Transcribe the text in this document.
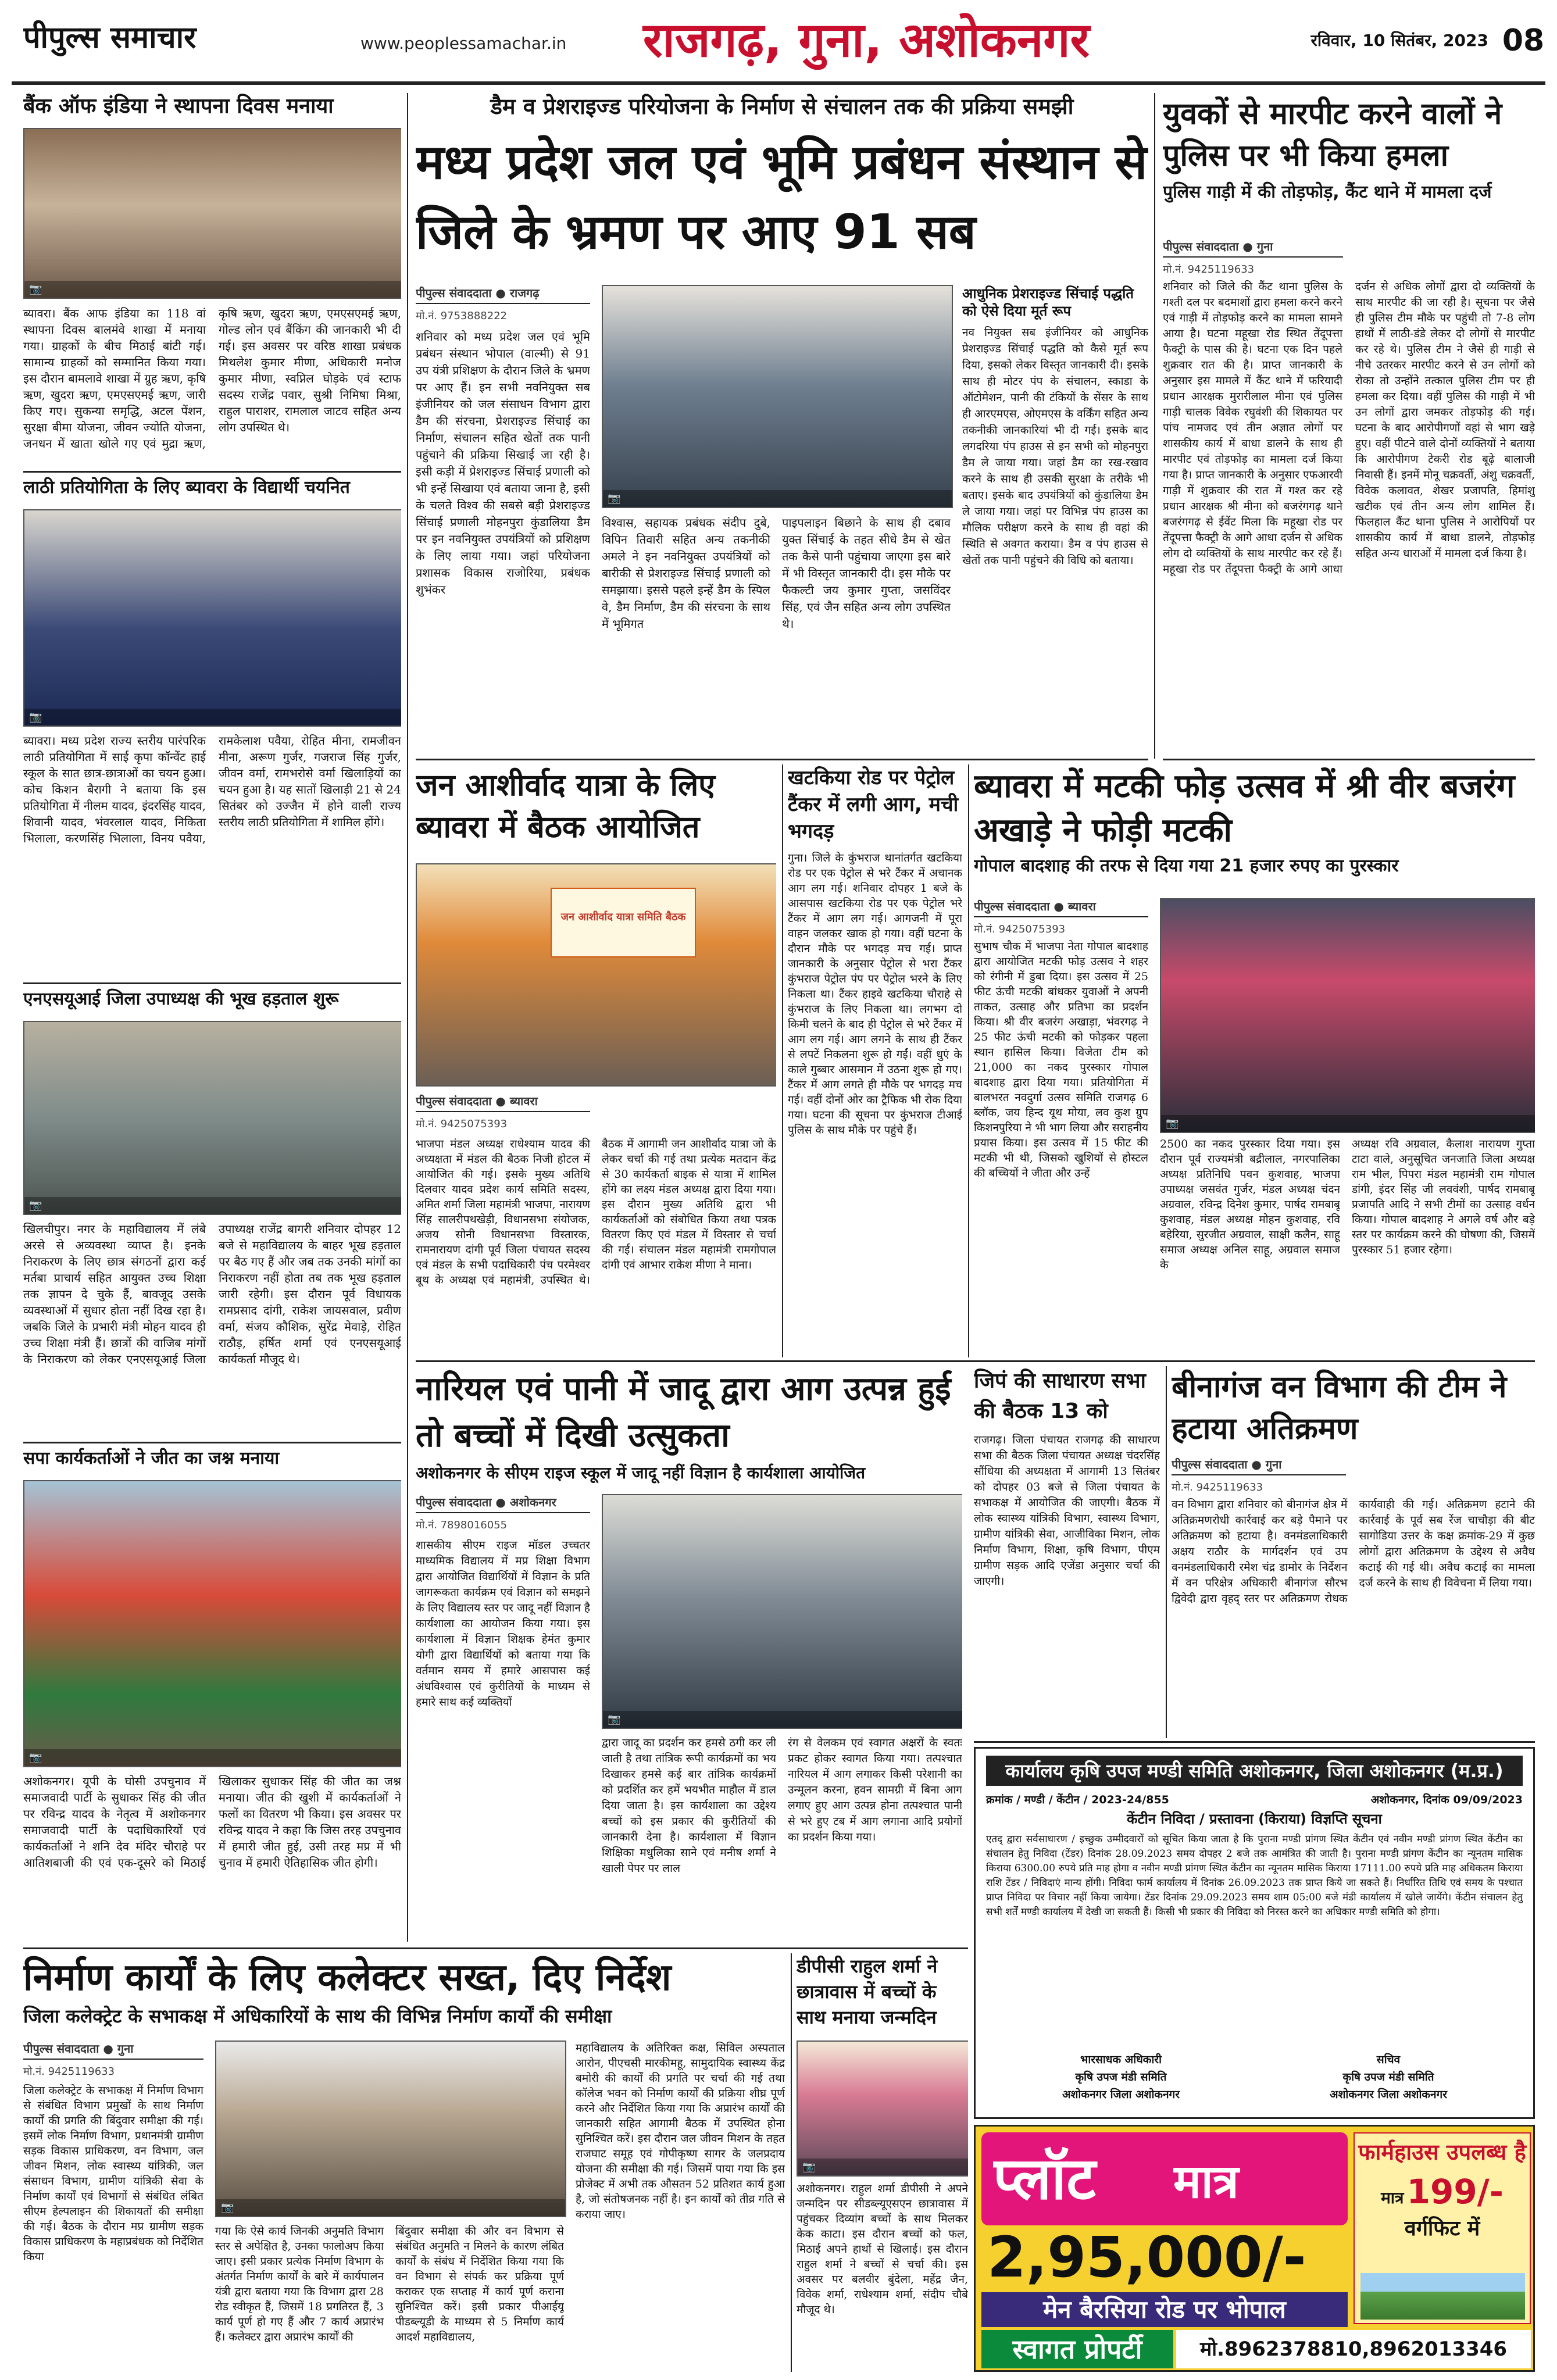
पीपुल्स समाचार	www.peoplessamachar.in	राजगढ़, गुना, अशोकनगर	रविवार, 10 सितंबर, 2023 08
बैंक ऑफ इंडिया ने स्थापना दिवस मनाया
📷
ब्यावरा। बैंक आफ इंडिया का 118 वां स्थापना दिवस बालमंवे शाखा में मनाया गया। ग्राहकों के बीच मिठाई बांटी गई। सामान्य ग्राहकों को सम्मानित किया गया। इस दौरान बामलावे शाखा में ग्रुह ऋण, कृषि ऋण, खुदरा ऋण, एमएसएमई ऋण, जारी किए गए। सुकन्या समृद्धि, अटल पेंशन, सुरक्षा बीमा योजना, जीवन ज्योति योजना, जनधन में खाता खोले गए एवं मुद्रा ऋण, कृषि ऋण, खुदरा ऋण, एमएसएमई ऋण, गोल्ड लोन एवं बैंकिंग की जानकारी भी दी गई। इस अवसर पर वरिष्ठ शाखा प्रबंधक मिथलेश कुमार मीणा, अधिकारी मनोज कुमार मीणा, स्वप्निल घोड़के एवं स्टाफ सदस्य राजेंद्र पवार, सुश्री निमिषा मिश्रा, राहुल पाराशर, रामलाल जाटव सहित अन्य लोग उपस्थित थे।
लाठी प्रतियोगिता के लिए ब्यावरा के विद्यार्थी चयनित
📷
ब्यावरा। मध्य प्रदेश राज्य स्तरीय पारंपरिक लाठी प्रतियोगिता में साई कृपा कॉन्वेंट हाई स्कूल के सात छात्र-छात्राओं का चयन हुआ। कोच किशन बैरागी ने बताया कि इस प्रतियोगिता में नीलम यादव, इंदरसिंह यादव, शिवानी यादव, भंवरलाल यादव, निकिता भिलाला, करणसिंह भिलाला, विनय पवैया, रामकेलाश पवैया, रोहित मीना, रामजीवन मीना, अरूण गुर्जर, गजराज सिंह गुर्जर, जीवन वर्मा, रामभरोसे वर्मा खिलाड़ियों का चयन हुआ है। यह सातों खिलाड़ी 21 से 24 सितंबर को उज्जैन में होने वाली राज्य स्तरीय लाठी प्रतियोगिता में शामिल होंगे।
एनएसयूआई जिला उपाध्यक्ष की भूख हड़ताल शुरू
📷
खिलचीपुर। नगर के महाविद्यालय में लंबे अरसे से अव्यवस्था व्याप्त है। इनके निराकरण के लिए छात्र संगठनों द्वारा कई मर्तबा प्राचार्य सहित आयुक्त उच्च शिक्षा तक ज्ञापन दे चुके हैं, बावजूद उसके व्यवस्थाओं में सुधार होता नहीं दिख रहा है। जबकि जिले के प्रभारी मंत्री मोहन यादव ही उच्च शिक्षा मंत्री हैं। छात्रों की वाजिब मांगों के निराकरण को लेकर एनएसयूआई जिला उपाध्यक्ष राजेंद्र बागरी शनिवार दोपहर 12 बजे से महाविद्यालय के बाहर भूख हड़ताल पर बैठ गए हैं और जब तक उनकी मांगों का निराकरण नहीं होता तब तक भूख हड़ताल जारी रहेगी। इस दौरान पूर्व विधायक रामप्रसाद दांगी, राकेश जायसवाल, प्रवीण वर्मा, संजय कौशिक, सुरेंद्र मेवाड़े, रोहित राठौड़, हर्षित शर्मा एवं एनएसयूआई कार्यकर्ता मौजूद थे।
सपा कार्यकर्ताओं ने जीत का जश्न मनाया
📷
अशोकनगर। यूपी के घोसी उपचुनाव में समाजवादी पार्टी के सुधाकर सिंह की जीत पर रविन्द्र यादव के नेतृत्व में अशोकनगर समाजवादी पार्टी के पदाधिकारियों एवं कार्यकर्ताओं ने शनि देव मंदिर चौराहे पर आतिशबाजी की एवं एक-दूसरे को मिठाई खिलाकर सुधाकर सिंह की जीत का जश्न मनाया। जीत की खुशी में कार्यकर्ताओं ने फलों का वितरण भी किया। इस अवसर पर रविन्द्र यादव ने कहा कि जिस तरह उपचुनाव में हमारी जीत हुई, उसी तरह मप्र में भी चुनाव में हमारी ऐतिहासिक जीत होगी।
डैम व प्रेशराइज्ड परियोजना के निर्माण से संचालन तक की प्रक्रिया समझी
मध्य प्रदेश जल एवं भूमि प्रबंधन संस्थान से जिले के भ्रमण पर आए 91 सब
पीपुल्स संवाददाता ● राजगढ़
मो.नं. 9753888222
शनिवार को मध्य प्रदेश जल एवं भूमि प्रबंधन संस्थान भोपाल (वाल्मी) से 91 उप यंत्री प्रशिक्षण के दौरान जिले के भ्रमण पर आए हैं। इन सभी नवनियुक्त सब इंजीनियर को जल संसाधन विभाग द्वारा डैम की संरचना, प्रेशराइज्ड सिंचाई का निर्माण, संचालन सहित खेतों तक पानी पहुंचाने की प्रक्रिया सिखाई जा रही है। इसी कड़ी में प्रेशराइज्ड सिंचाई प्रणाली को भी इन्हें सिखाया एवं बताया जाना है, इसी के चलते विश्व की सबसे बड़ी प्रेशराइज्ड सिंचाई प्रणाली मोहनपुरा कुंडालिया डैम पर इन नवनियुक्त उपयंत्रियों को प्रशिक्षण के लिए लाया गया। जहां परियोजना प्रशासक विकास राजोरिया, प्रबंधक शुभंकर
📷
विश्वास, सहायक प्रबंधक संदीप दुबे, विपिन तिवारी सहित अन्य तकनीकी अमले ने इन नवनियुक्त उपयंत्रियों को बारीकी से प्रेशराइज्ड सिंचाई प्रणाली को समझाया। इससे पहले इन्हें डैम के स्पिल वे, डैम निर्माण, डैम की संरचना के साथ में भूमिगत
पाइपलाइन बिछाने के साथ ही दबाव युक्त सिंचाई के तहत सीधे डैम से खेत तक कैसे पानी पहुंचाया जाएगा इस बारे में भी विस्तृत जानकारी दी। इस मौके पर फैकल्टी जय कुमार गुप्ता, जसविंदर सिंह, एवं जैन सहित अन्य लोग उपस्थित थे।
आधुनिक प्रेशराइज्ड सिंचाई पद्धति को ऐसे दिया मूर्त रूप
नव नियुक्त सब इंजीनियर को आधुनिक प्रेशराइज्ड सिंचाई पद्धति को कैसे मूर्त रूप दिया, इसको लेकर विस्तृत जानकारी दी। इसके साथ ही मोटर पंप के संचालन, स्काडा के ऑटोमेशन, पानी की टंकियों के सेंसर के साथ ही आरएमएस, ओएमएस के वर्किंग सहित अन्य तकनीकी जानकारियां भी दी गई। इसके बाद लगदरिया पंप हाउस से इन सभी को मोहनपुरा डैम ले जाया गया। जहां डैम का रख-रखाव करने के साथ ही उसकी सुरक्षा के तरीके भी बताए। इसके बाद उपयंत्रियों को कुंडालिया डैम ले जाया गया। जहां पर विभिन्न पंप हाउस का मौलिक परीक्षण करने के साथ ही वहां की स्थिति से अवगत कराया। डैम व पंप हाउस से खेतों तक पानी पहुंचने की विधि को बताया।
युवकों से मारपीट करने वालों ने पुलिस पर भी किया हमला
पुलिस गाड़ी में की तोड़फोड़, कैंट थाने में मामला दर्ज
पीपुल्स संवाददाता ● गुना
मो.नं. 9425119633
शनिवार को जिले की कैंट थाना पुलिस के गश्ती दल पर बदमाशों द्वारा हमला करने करने एवं गाड़ी में तोड़फोड़ करने का मामला सामने आया है। घटना महूखा रोड स्थित तेंदूपत्ता फैक्ट्री के पास की है। घटना एक दिन पहले शुक्रवार रात की है। प्राप्त जानकारी के अनुसार इस मामले में कैंट थाने में फरियादी प्रधान आरक्षक मुरारीलाल मीना एवं पुलिस गाड़ी चालक विवेक रघुवंशी की शिकायत पर पांच नामजद एवं तीन अज्ञात लोगों पर शासकीय कार्य में बाधा डालने के साथ ही मारपीट एवं तोड़फोड़ का मामला दर्ज किया गया है। प्राप्त जानकारी के अनुसार एफआरवी गाड़ी में शुक्रवार की रात में गश्त कर रहे प्रधान आरक्षक श्री मीना को बजरंगगढ़ थाने बजरंगगढ़ से ईवेंट मिला कि महूखा रोड पर तेंदूपत्ता फैक्ट्री के आगे आधा दर्जन से अधिक लोग दो व्यक्तियों के साथ मारपीट कर रहे हैं। महूखा रोड पर तेंदूपत्ता फैक्ट्री के आगे आधा दर्जन से अधिक लोगों द्वारा दो व्यक्तियों के साथ मारपीट की जा रही है। सूचना पर जैसे ही पुलिस टीम मौके पर पहुंची तो 7-8 लोग हाथों में लाठी-डंडे लेकर दो लोगों से मारपीट कर रहे थे। पुलिस टीम ने जैसे ही गाड़ी से नीचे उतरकर मारपीट करने से उन लोगों को रोका तो उन्होंने तत्काल पुलिस टीम पर ही हमला कर दिया। वहीं पुलिस की गाड़ी में भी उन लोगों द्वारा जमकर तोड़फोड़ की गई। घटना के बाद आरोपीगणों वहां से भाग खड़े हुए। वहीं पीटने वाले दोनों व्यक्तियों ने बताया कि आरोपीगण टेकरी रोड बूढ़े बालाजी निवासी हैं। इनमें मोनू चक्रवर्ती, अंशु चक्रवर्ती, विवेक कलावत, शेखर प्रजापति, हिमांशु खटीक एवं तीन अन्य लोग शामिल हैं। फिलहाल कैंट थाना पुलिस ने आरोपियों पर शासकीय कार्य में बाधा डालने, तोड़फोड़ सहित अन्य धाराओं में मामला दर्ज किया है।
जन आशीर्वाद यात्रा के लिए ब्यावरा में बैठक आयोजित
जन आशीर्वाद यात्रा समिति बैठक
पीपुल्स संवाददाता ● ब्यावरा
मो.नं. 9425075393
भाजपा मंडल अध्यक्ष राधेश्याम यादव की अध्यक्षता में मंडल की बैठक निजी होटल में आयोजित की गई। इसके मुख्य अतिथि दिलवार यादव प्रदेश कार्य समिति सदस्य, अमित शर्मा जिला महामंत्री भाजपा, नारायण सिंह सालरीपथखेड़ी, विधानसभा संयोजक, अजय सोनी विधानसभा विस्तारक, रामनारायण दांगी पूर्व जिला पंचायत सदस्य एवं मंडल के सभी पदाधिकारी पंच परमेश्वर बूथ के अध्यक्ष एवं महामंत्री, उपस्थित थे। बैठक में आगामी जन आशीर्वाद यात्रा जो के लेकर चर्चा की गई तथा प्रत्येक मतदान केंद्र से 30 कार्यकर्ता बाइक से यात्रा में शामिल होंगे का लक्ष्य मंडल अध्यक्ष द्वारा दिया गया। इस दौरान मुख्य अतिथि द्वारा भी कार्यकर्ताओं को संबोधित किया तथा पत्रक वितरण किए एवं मंडल में विस्तार से चर्चा की गई। संचालन मंडल महामंत्री रामगोपाल दांगी एवं आभार राकेश मीणा ने माना।
खटकिया रोड पर पेट्रोल टैंकर में लगी आग, मची भगदड़
गुना। जिले के कुंभराज थानांतर्गत खटकिया रोड पर एक पेट्रोल से भरे टैंकर में अचानक आग लग गई। शनिवार दोपहर 1 बजे के आसपास खटकिया रोड पर एक पेट्रोल भरे टैंकर में आग लग गई। आगजनी में पूरा वाहन जलकर खाक हो गया। वहीं घटना के दौरान मौके पर भगदड़ मच गई। प्राप्त जानकारी के अनुसार पेट्रोल से भरा टैंकर कुंभराज पेट्रोल पंप पर पेट्रोल भरने के लिए निकला था। टैंकर हाइवे खटकिया चौराहे से कुंभराज के लिए निकला था। लगभग दो किमी चलने के बाद ही पेट्रोल से भरे टैंकर में आग लग गई। आग लगने के साथ ही टैंकर से लपटें निकलना शुरू हो गईं। वहीं धुएं के काले गुब्बार आसमान में उठना शुरू हो गए। टैंकर में आग लगते ही मौके पर भगदड़ मच गई। वहीं दोनों ओर का ट्रैफिक भी रोक दिया गया। घटना की सूचना पर कुंभराज टीआई पुलिस के साथ मौके पर पहुंचे हैं।
ब्यावरा में मटकी फोड़ उत्सव में श्री वीर बजरंग अखाड़े ने फोड़ी मटकी
गोपाल बादशाह की तरफ से दिया गया 21 हजार रुपए का पुरस्कार
पीपुल्स संवाददाता ● ब्यावरा
मो.नं. 9425075393
सुभाष चौक में भाजपा नेता गोपाल बादशाह द्वारा आयोजित मटकी फोड़ उत्सव ने शहर को रंगीनी में डुबा दिया। इस उत्सव में 25 फीट ऊंची मटकी बांधकर युवाओं ने अपनी ताकत, उत्साह और प्रतिभा का प्रदर्शन किया। श्री वीर बजरंग अखाड़ा, भंवरगढ़ ने 25 फीट ऊंची मटकी को फोड़कर पहला स्थान हासिल किया। विजेता टीम को 21,000 का नकद पुरस्कार गोपाल बादशाह द्वारा दिया गया। प्रतियोगिता में बालभरत नवदुर्गा उत्सव समिति राजगढ़ 6 ब्लॉक, जय हिन्द यूथ मोया, लव कुश ग्रुप किशनपुरिया ने भी भाग लिया और सराहनीय प्रयास किया। इस उत्सव में 15 फीट की मटकी भी थी, जिसको खुशियों से होस्टल की बच्चियों ने जीता और उन्हें
📷
2500 का नकद पुरस्कार दिया गया। इस दौरान पूर्व राज्यमंत्री बद्रीलाल, नगरपालिका अध्यक्ष प्रतिनिधि पवन कुशवाह, भाजपा उपाध्यक्ष जसवंत गुर्जर, मंडल अध्यक्ष चंदन अग्रवाल, रविन्द्र दिनेश कुमार, पार्षद रामबाबू कुशवाह, मंडल अध्यक्ष मोहन कुशवाह, रवि बहेरिया, सुरजीत अग्रवाल, साक्षी कलैन, साहू समाज अध्यक्ष अनिल साहू, अग्रवाल समाज के
अध्यक्ष रवि अग्रवाल, कैलाश नारायण गुप्ता टाटा वाले, अनुसूचित जनजाति जिला अध्यक्ष राम भील, पिपरा मंडल महामंत्री राम गोपाल डांगी, इंदर सिंह जी लववंशी, पार्षद रामबाबू प्रजापति आदि ने सभी टीमों का उत्साह वर्धन किया। गोपाल बादशाह ने अगले वर्ष और बड़े स्तर पर कार्यक्रम करने की घोषणा की, जिसमें पुरस्कार 51 हजार रहेगा।
नारियल एवं पानी में जादू द्वारा आग उत्पन्न हुई तो बच्चों में दिखी उत्सुकता
अशोकनगर के सीएम राइज स्कूल में जादू नहीं विज्ञान है कार्यशाला आयोजित
पीपुल्स संवाददाता ● अशोकनगर
मो.नं. 7898016055
शासकीय सीएम राइज मॉडल उच्चतर माध्यमिक विद्यालय में मप्र शिक्षा विभाग द्वारा आयोजित विद्यार्थियों में विज्ञान के प्रति जागरूकता कार्यक्रम एवं विज्ञान को समझने के लिए विद्यालय स्तर पर जादू नहीं विज्ञान है कार्यशाला का आयोजन किया गया। इस कार्यशाला में विज्ञान शिक्षक हेमंत कुमार योगी द्वारा विद्यार्थियों को बताया गया कि वर्तमान समय में हमारे आसपास कई अंधविश्वास एवं कुरीतियों के माध्यम से हमारे साथ कई व्यक्तियों
📷
द्वारा जादू का प्रदर्शन कर हमसे ठगी कर ली जाती है तथा तांत्रिक रूपी कार्यक्रमों का भय दिखाकर हमसे कई बार तांत्रिक कार्यक्रमों को प्रदर्शित कर हमें भयभीत माहौल में डाल दिया जाता है। इस कार्यशाला का उद्देश्य बच्चों को इस प्रकार की कुरीतियों की जानकारी देना है। कार्यशाला में विज्ञान शिक्षिका मधुलिका साने एवं मनीष शर्मा ने खाली पेपर पर लाल
रंग से वेलकम एवं स्वागत अक्षरों के स्वतः प्रकट होकर स्वागत किया गया। तत्पश्चात नारियल में आग लगाकर किसी परेशानी का उन्मूलन करना, हवन सामग्री में बिना आग लगाए हुए आग उत्पन्न होना तत्पश्चात पानी से भरे हुए टब में आग लगाना आदि प्रयोगों का प्रदर्शन किया गया।
जिपं की साधारण सभा की बैठक 13 को
राजगढ़। जिला पंचायत राजगढ़ की साधारण सभा की बैठक जिला पंचायत अध्यक्ष चंदरसिंह सौंधिया की अध्यक्षता में आगामी 13 सितंबर को दोपहर 03 बजे से जिला पंचायत के सभाकक्ष में आयोजित की जाएगी। बैठक में लोक स्वास्थ्य यांत्रिकी विभाग, स्वास्थ्य विभाग, ग्रामीण यांत्रिकी सेवा, आजीविका मिशन, लोक निर्माण विभाग, शिक्षा, कृषि विभाग, पीएम ग्रामीण सड़क आदि एजेंडा अनुसार चर्चा की जाएगी।
बीनागंज वन विभाग की टीम ने हटाया अतिक्रमण
पीपुल्स संवाददाता ● गुना
मो.नं. 9425119633
वन विभाग द्वारा शनिवार को बीनागंज क्षेत्र में अतिक्रमणरोधी कार्रवाई कर बड़े पैमाने पर अतिक्रमण को हटाया है। वनमंडलाधिकारी अक्षय राठौर के मार्गदर्शन एवं उप वनमंडलाधिकारी रमेश चंद्र डामोर के निर्देशन में वन परिक्षेत्र अधिकारी बीनागंज सौरभ द्विवेदी द्वारा वृहद् स्तर पर अतिक्रमण रोधक कार्यवाही की गई। अतिक्रमण हटाने की कार्रवाई के पूर्व सब रेंज चाचौड़ा की बीट सागोडिया उत्तर के कक्ष क्रमांक-29 में कुछ लोगों द्वारा अतिक्रमण के उद्देश्य से अवैध कटाई की गई थी। अवैध कटाई का मामला दर्ज करने के साथ ही विवेचना में लिया गया।
कार्यालय कृषि उपज मण्डी समिति अशोकनगर, जिला अशोकनगर (म.प्र.)
क्रमांक / मण्डी / केंटीन / 2023-24/855	अशोकनगर, दिनांक 09/09/2023
केंटीन निविदा / प्रस्तावना (किराया) विज्ञप्ति सूचना
एतद् द्वारा सर्वसाधारण / इच्छुक उम्मीदवारों को सूचित किया जाता है कि पुराना मण्डी प्रांगण स्थित केंटीन एवं नवीन मण्डी प्रांगण स्थित केंटीन का संचालन हेतु निविदा (टेंडर) दिनांक 28.09.2023 समय दोपहर 2 बजे तक आमंत्रित की जाती है। पुराना मण्डी प्रांगण केंटीन का न्यूनतम मासिक किराया 6300.00 रुपये प्रति माह होगा व नवीन मण्डी प्रांगण स्थित केंटीन का न्यूनतम मासिक किराया 17111.00 रुपये प्रति माह अधिकतम किराया राशि टेंडर / निविदाएं मान्य होंगी। निविदा फार्म कार्यालय में दिनांक 26.09.2023 तक प्राप्त किये जा सकते हैं। निर्धारित तिथि एवं समय के पश्चात प्राप्त निविदा पर विचार नहीं किया जायेगा। टेंडर दिनांक 29.09.2023 समय शाम 05:00 बजे मंडी कार्यालय में खोले जायेंगे। केंटीन संचालन हेतु सभी शर्तें मण्डी कार्यालय में देखी जा सकती हैं। किसी भी प्रकार की निविदा को निरस्त करने का अधिकार मण्डी समिति को होगा।
भारसाधक अधिकारी
कृषि उपज मंडी समिति
अशोकनगर जिला अशोकनगर
सचिव
कृषि उपज मंडी समिति
अशोकनगर जिला अशोकनगर
निर्माण कार्यों के लिए कलेक्टर सख्त, दिए निर्देश
जिला कलेक्ट्रेट के सभाकक्ष में अधिकारियों के साथ की विभिन्न निर्माण कार्यों की समीक्षा
पीपुल्स संवाददाता ● गुना
मो.नं. 9425119633
जिला कलेक्ट्रेट के सभाकक्ष में निर्माण विभाग से संबंधित विभाग प्रमुखों के साथ निर्माण कार्यों की प्रगति की बिंदुवार समीक्षा की गई। इसमें लोक निर्माण विभाग, प्रधानमंत्री ग्रामीण सड़क विकास प्राधिकरण, वन विभाग, जल जीवन मिशन, लोक स्वास्थ्य यांत्रिकी, जल संसाधन विभाग, ग्रामीण यांत्रिकी सेवा के निर्माण कार्यों एवं विभागों से संबंधित लंबित सीएम हेल्पलाइन की शिकायतों की समीक्षा की गई। बैठक के दौरान मप्र ग्रामीण सड़क विकास प्राधिकरण के महाप्रबंधक को निर्देशित किया
📷
गया कि ऐसे कार्य जिनकी अनुमति विभाग स्तर से अपेक्षित है, उनका फालोअप किया जाए। इसी प्रकार प्रत्येक निर्माण विभाग के अंतर्गत निर्माण कार्यों के बारे में कार्यपालन यंत्री द्वारा बताया गया कि विभाग द्वारा 28 रोड स्वीकृत हैं, जिसमें 18 प्रगतिरत हैं, 3 कार्य पूर्ण हो गए हैं और 7 कार्य अप्रारंभ हैं। कलेक्टर द्वारा अप्रारंभ कार्यों की
बिंदुवार समीक्षा की और वन विभाग से संबंधित अनुमति न मिलने के कारण लंबित कार्यों के संबंध में निर्देशित किया गया कि वन विभाग से संपर्क कर प्रक्रिया पूर्ण कराकर एक सप्ताह में कार्य पूर्ण कराना सुनिश्चित करें। इसी प्रकार पीआईयू पीडब्ल्यूडी के माध्यम से 5 निर्माण कार्य आदर्श महाविद्यालय,
महाविद्यालय के अतिरिक्त कक्ष, सिविल अस्पताल आरोन, पीएचसी मारकीमहू, सामुदायिक स्वास्थ्य केंद्र बमोरी की कार्यों की प्रगति पर चर्चा की गई तथा कॉलेज भवन को निर्माण कार्यों की प्रक्रिया शीघ्र पूर्ण करने और निर्देशित किया गया कि अप्रारंभ कार्यों की जानकारी सहित आगामी बैठक में उपस्थित होना सुनिश्चित करें। इस दौरान जल जीवन मिशन के तहत राजघाट समूह एवं गोपीकृष्ण सागर के जलप्रदाय योजना की समीक्षा की गई। जिसमें पाया गया कि इस प्रोजेक्ट में अभी तक औसतन 52 प्रतिशत कार्य हुआ है, जो संतोषजनक नहीं है। इन कार्यों को तीव्र गति से कराया जाए।
डीपीसी राहुल शर्मा ने छात्रावास में बच्चों के साथ मनाया जन्मदिन
📷
अशोकनगर। राहुल शर्मा डीपीसी ने अपने जन्मदिन पर सीडब्ल्यूएसएन छात्रावास में पहुंचकर दिव्यांग बच्चों के साथ मिलकर केक काटा। इस दौरान बच्चों को फल, मिठाई अपने हाथों से खिलाई। इस दौरान राहुल शर्मा ने बच्चों से चर्चा की। इस अवसर पर बलवीर बुंदेला, महेंद्र जैन, विवेक शर्मा, राधेश्याम शर्मा, संदीप चौबे मौजूद थे।
प्लॉट	मात्र
2,95,000/-
मेन बैरसिया रोड पर भोपाल
स्वागत प्रोपर्टी	मो.8962378810,8962013346
फार्महाउस उपलब्ध है
मात्र 199/-
वर्गफिट में
